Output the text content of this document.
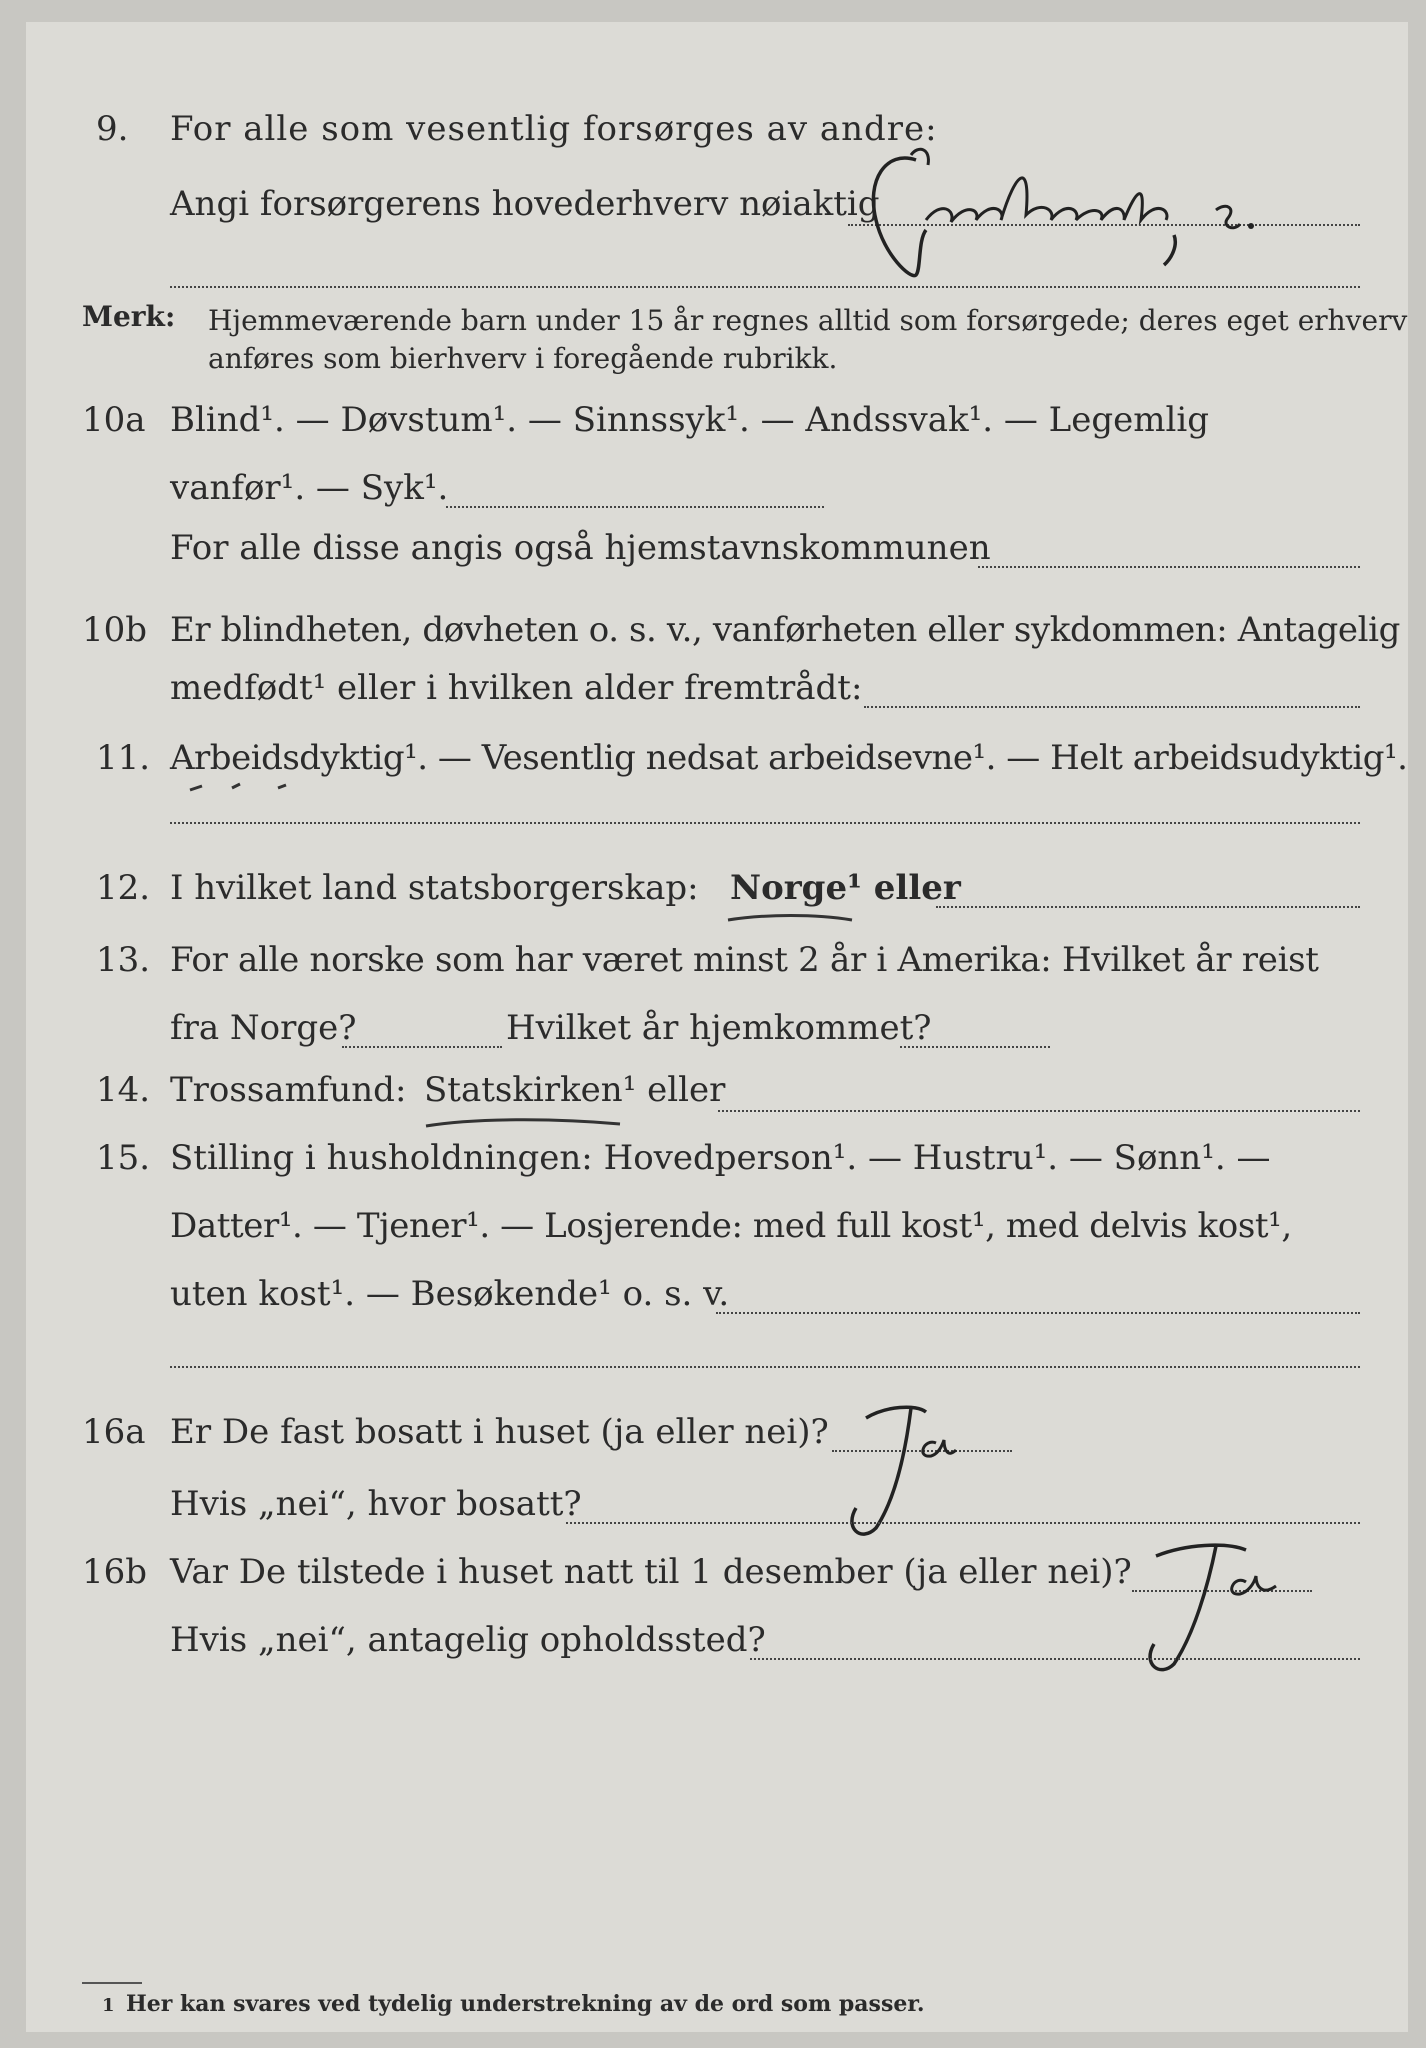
9. For alle som vesentlig forsørges av andre:
Angi forsørgerens hovederhverv nøiaktig
Merk: Hjemmeværende barn under 15 år regnes alltid som forsørgede; deres eget erhverv
anføres som bierhverv i foregående rubrikk.
10a Blind¹. — Døvstum¹. — Sinnssyk¹. — Andssvak¹. — Legemlig
vanfør¹. — Syk¹.
For alle disse angis også hjemstavnskommunen
10b Er blindheten, døvheten o. s. v., vanførheten eller sykdommen: Antagelig
medfødt¹ eller i hvilken alder fremtrådt:
11. Arbeidsdyktig¹. — Vesentlig nedsat arbeidsevne¹. — Helt arbeidsudyktig¹.
12. I hvilket land statsborgerskap: Norge¹ eller
13. For alle norske som har været minst 2 år i Amerika: Hvilket år reist
fra Norge?	Hvilket år hjemkommet?
14. Trossamfund: Statskirken¹ eller
15. Stilling i husholdningen: Hovedperson¹. — Hustru¹. — Sønn¹. —
Datter¹. — Tjener¹. — Losjerende: med full kost¹, med delvis kost¹,
uten kost¹. — Besøkende¹ o. s. v.
16a Er De fast bosatt i huset (ja eller nei)?
Hvis „nei“, hvor bosatt?
16b Var De tilstede i huset natt til 1 desember (ja eller nei)?
Hvis „nei“, antagelig opholdssted?
1 Her kan svares ved tydelig understrekning av de ord som passer.
